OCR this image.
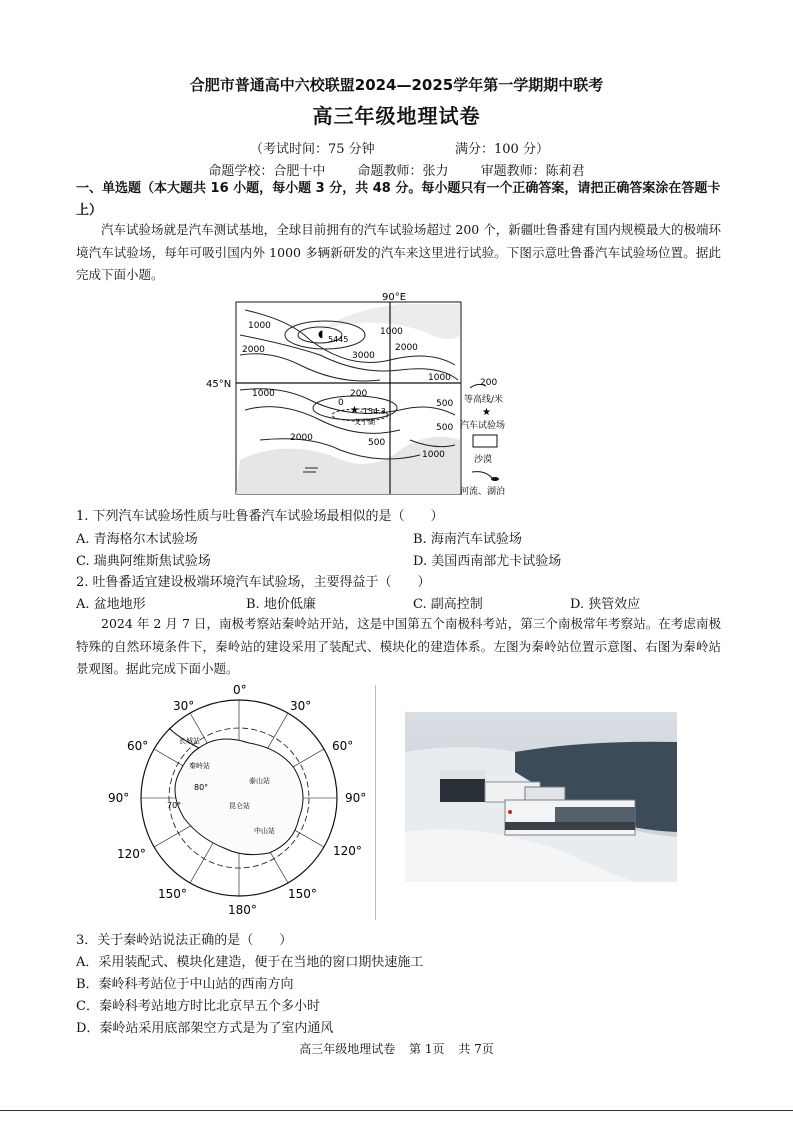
合肥市普通高中六校联盟2024—2025学年第一学期期中联考
高三年级地理试卷
（考试时间：75 分钟	满分：100 分）
命题学校：合肥十中 命题教师：张力 审题教师：陈莉君
一、单选题（本大题共 16 小题，每小题 3 分，共 48 分。每小题只有一个正确答案，请把正确答案涂在答题卡上）
汽车试验场就是汽车测试基地，全球目前拥有的汽车试验场超过 200 个，新疆吐鲁番建有国内规模最大的极端环境汽车试验场，每年可吸引国内外 1000 多辆新研发的汽车来这里进行试验。下图示意吐鲁番汽车试验场位置。据此完成下面小题。
1000
2000
5445
3000
1000
2000
1000
200
0	500
-154.3
2000	500
1000
1000
500
艾丁湖
★
◖
90°E
45°N	200
等高线/米
★
汽车试验场
沙漠
河流、湖泊
1. 下列汽车试验场性质与吐鲁番汽车试验场最相似的是（　　）
A. 青海格尔木试验场	B. 海南汽车试验场
C. 瑞典阿维斯焦试验场	D. 美国西南部尤卡试验场
2. 吐鲁番适宜建设极端环境汽车试验场，主要得益于（　　）
A. 盆地地形	B. 地价低廉	C. 副高控制	D. 狭管效应
2024 年 2 月 7 日，南极考察站秦岭站开站，这是中国第五个南极科考站，第三个南极常年考察站。在考虑南极特殊的自然环境条件下，秦岭站的建设采用了装配式、模块化的建造体系。左图为秦岭站位置示意图、右图为秦岭站景观图。据此完成下面小题。
长城站
秦岭站
泰山站
昆仑站
中山站
70°
80°
0°
30°	30°
60°	60°
90°	90°
120°	120°
150°	150°
180°
3．关于秦岭站说法正确的是（　　）
A．采用装配式、模块化建造，便于在当地的窗口期快速施工
B．秦岭科考站位于中山站的西南方向
C．秦岭科考站地方时比北京早五个多小时
D．秦岭站采用底部架空方式是为了室内通风
高三年级地理试卷 第 1页 共 7页
